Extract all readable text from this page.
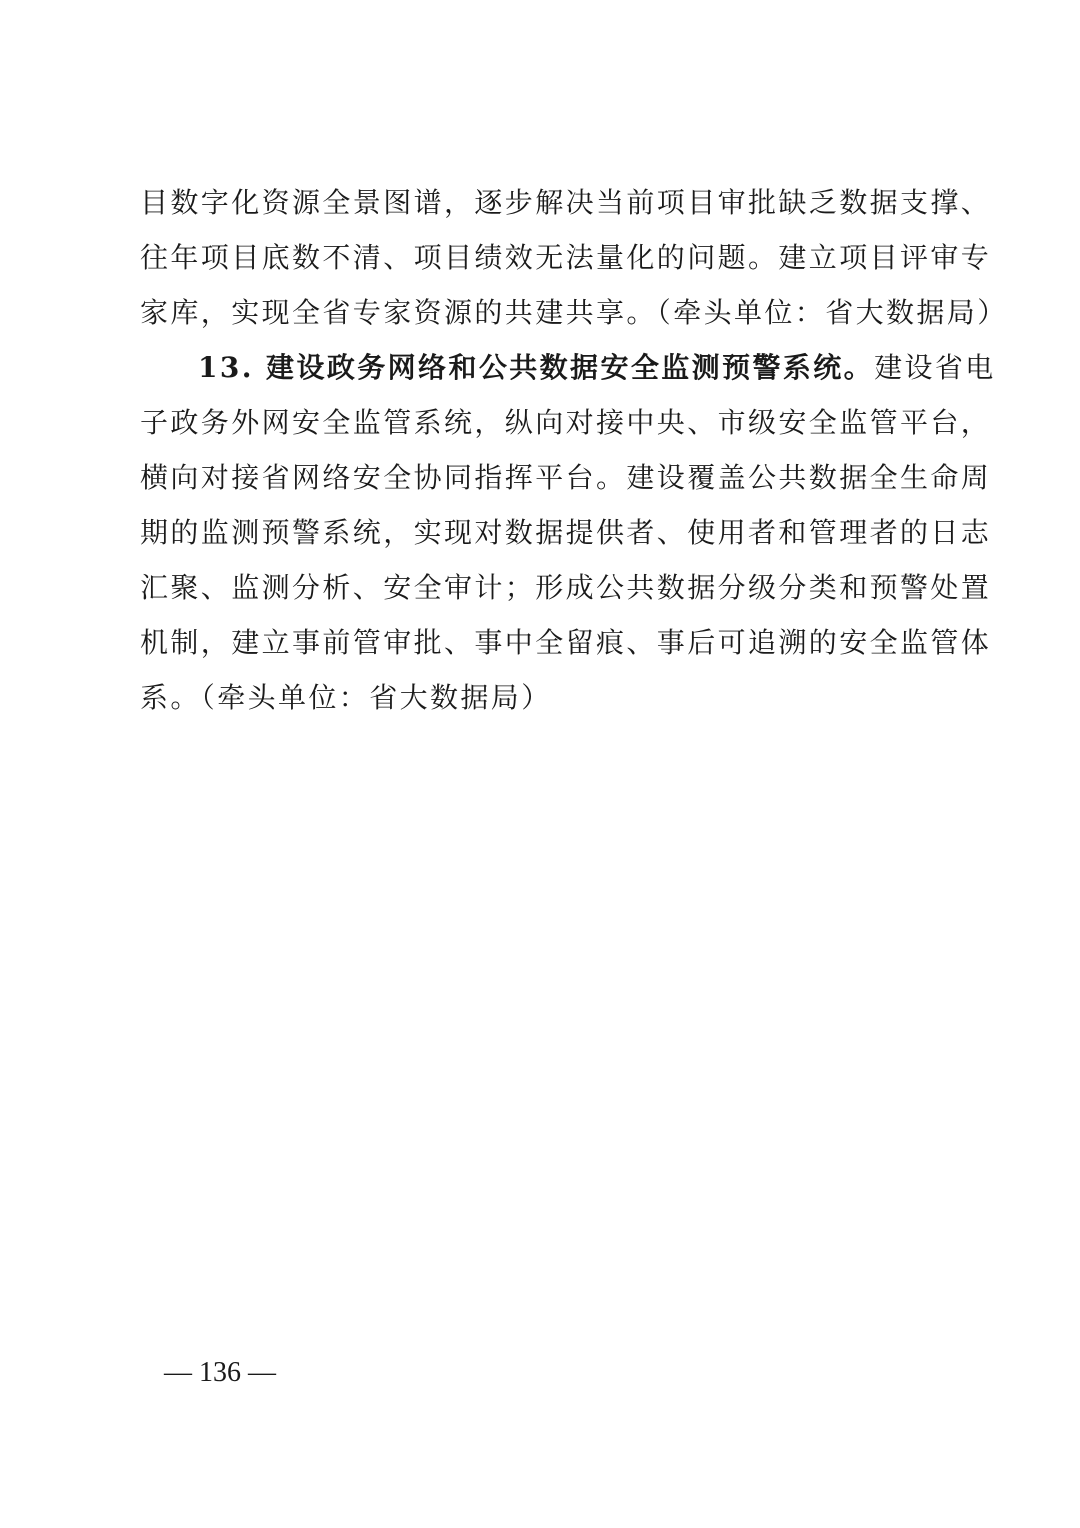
目数字化资源全景图谱，逐步解决当前项目审批缺乏数据支撑、
往年项目底数不清、项目绩效无法量化的问题。建立项目评审专
家库，实现全省专家资源的共建共享。（牵头单位：省大数据局）
13. 建设政务网络和公共数据安全监测预警系统。建设省电
子政务外网安全监管系统，纵向对接中央、市级安全监管平台，
横向对接省网络安全协同指挥平台。建设覆盖公共数据全生命周
期的监测预警系统，实现对数据提供者、使用者和管理者的日志
汇聚、监测分析、安全审计；形成公共数据分级分类和预警处置
机制，建立事前管审批、事中全留痕、事后可追溯的安全监管体
系。（牵头单位：省大数据局）
— 136 —
